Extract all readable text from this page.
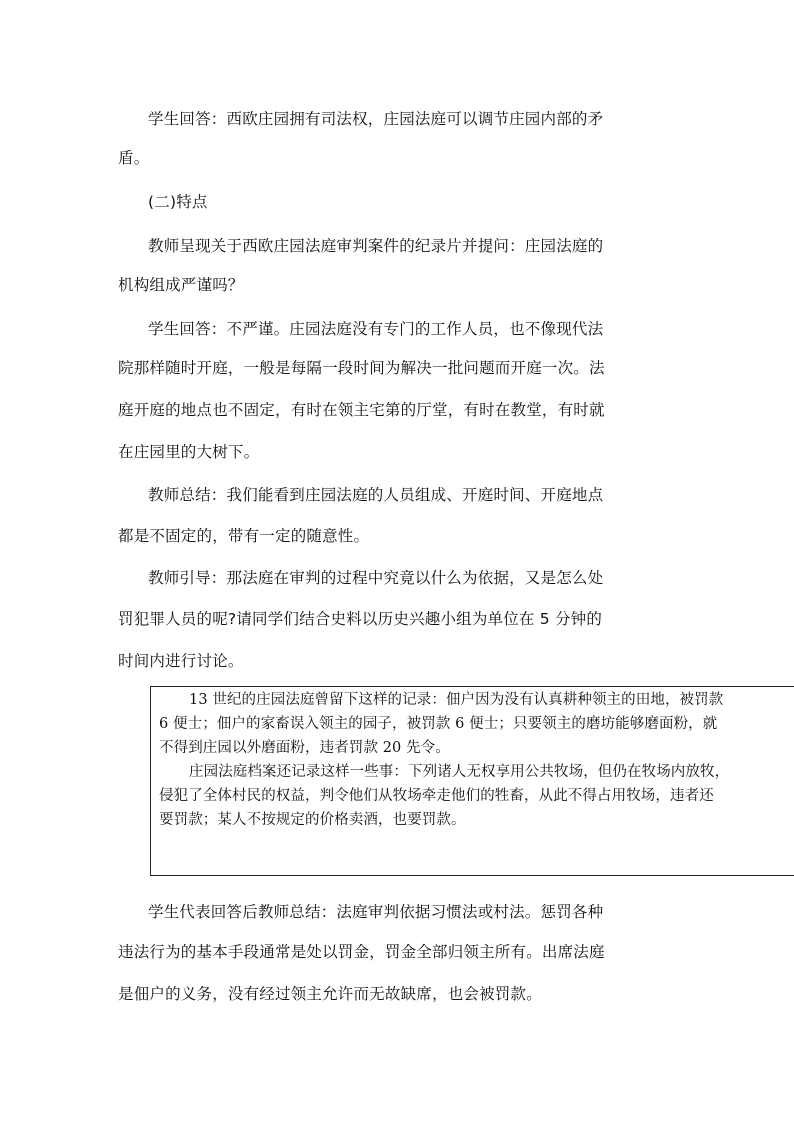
学生回答：西欧庄园拥有司法权，庄园法庭可以调节庄园内部的矛
盾。
(二)特点
教师呈现关于西欧庄园法庭审判案件的纪录片并提问：庄园法庭的
机构组成严谨吗？
学生回答：不严谨。庄园法庭没有专门的工作人员，也不像现代法
院那样随时开庭，一般是每隔一段时间为解决一批问题而开庭一次。法
庭开庭的地点也不固定，有时在领主宅第的厅堂，有时在教堂，有时就
在庄园里的大树下。
教师总结：我们能看到庄园法庭的人员组成、开庭时间、开庭地点
都是不固定的，带有一定的随意性。
教师引导：那法庭在审判的过程中究竟以什么为依据，又是怎么处
罚犯罪人员的呢?请同学们结合史料以历史兴趣小组为单位在 5 分钟的
时间内进行讨论。
13 世纪的庄园法庭曾留下这样的记录：佃户因为没有认真耕种领主的田地，被罚款
6 便士；佃户的家畜误入领主的园子，被罚款 6 便士；只要领主的磨坊能够磨面粉，就
不得到庄园以外磨面粉，违者罚款 20 先令。
庄园法庭档案还记录这样一些事：下列诸人无权享用公共牧场，但仍在牧场内放牧，
侵犯了全体村民的权益，判令他们从牧场牵走他们的牲畜，从此不得占用牧场，违者还
要罚款；某人不按规定的价格卖酒，也要罚款。
学生代表回答后教师总结：法庭审判依据习惯法或村法。惩罚各种
违法行为的基本手段通常是处以罚金，罚金全部归领主所有。出席法庭
是佃户的义务，没有经过领主允许而无故缺席，也会被罚款。
